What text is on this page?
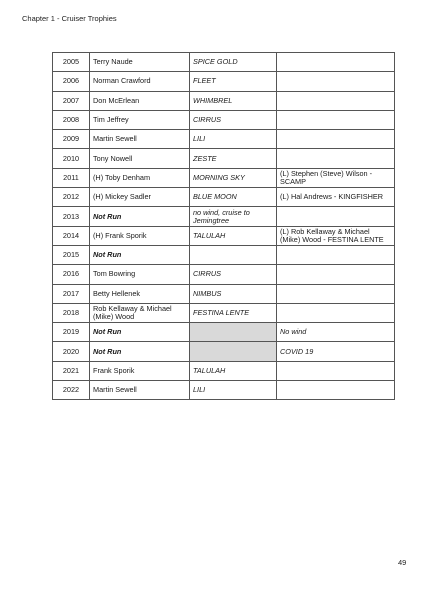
Chapter 1 - Cruiser Trophies
2005	Terry Naude	SPICE GOLD	
2006	Norman Crawford	FLEET	
2007	Don McErlean	WHIMBREL	
2008	Tim Jeffrey	CIRRUS	
2009	Martin Sewell	LILI	
2010	Tony Nowell	ZESTE	
2011	(H) Toby Denham	MORNING SKY	(L) Stephen (Steve) Wilson - SCAMP
2012	(H) Mickey Sadler	BLUE MOON	(L) Hal Andrews - KINGFISHER
2013	Not Run	no wind, cruise to Jemingtree	
2014	(H) Frank Sporik	TALULAH	(L) Rob Kellaway & Michael (Mike) Wood - FESTINA LENTE
2015	Not Run		
2016	Tom Bowring	CIRRUS	
2017	Betty Hellenek	NIMBUS	
2018	Rob Kellaway & Michael (Mike) Wood	FESTINA LENTE	
2019	Not Run		No wind
2020	Not Run		COVID 19
2021	Frank Sporik	TALULAH	
2022	Martin Sewell	LILI	
49
